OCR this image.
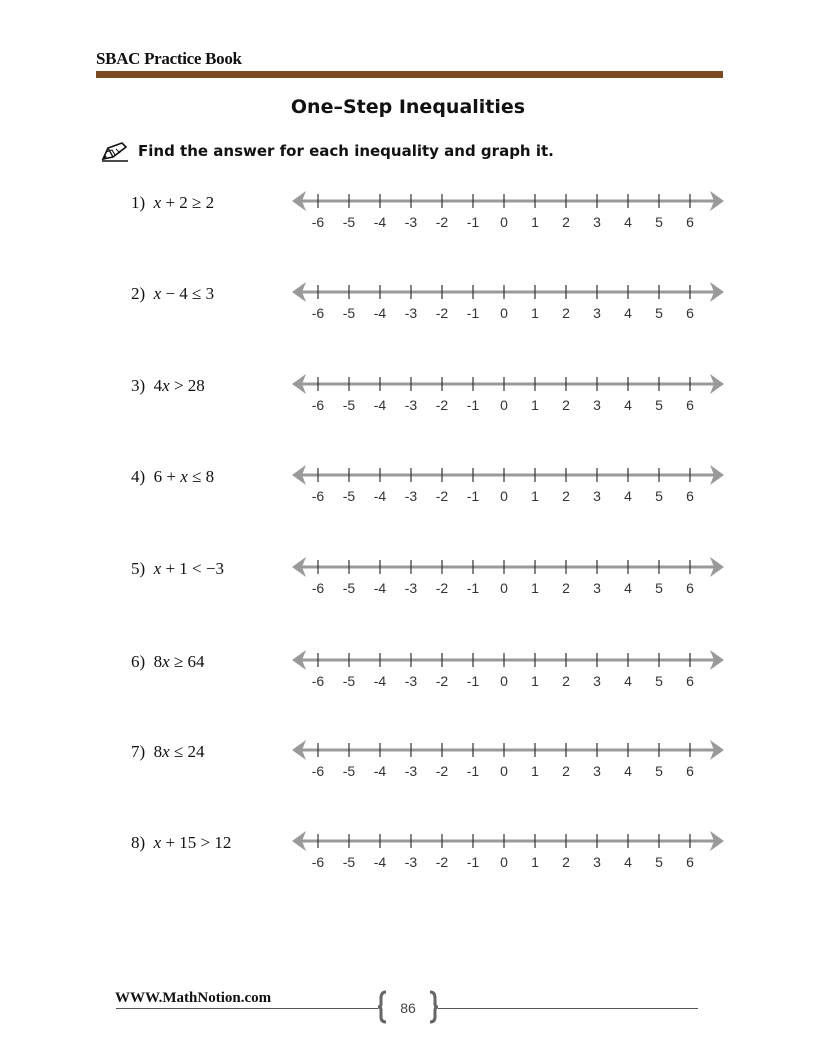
SBAC Practice Book
One–Step Inequalities
Find the answer for each inequality and graph it.
1) x + 2 ≥ 2
-6 -5 -4 -3 -2 -1 0 1 2 3 4 5 6
2) x − 4 ≤ 3
-6 -5 -4 -3 -2 -1 0 1 2 3 4 5 6
3) 4x > 28
-6 -5 -4 -3 -2 -1 0 1 2 3 4 5 6
4) 6 + x ≤ 8
-6 -5 -4 -3 -2 -1 0 1 2 3 4 5 6
5) x + 1 < −3
-6 -5 -4 -3 -2 -1 0 1 2 3 4 5 6
6) 8x ≥ 64
-6 -5 -4 -3 -2 -1 0 1 2 3 4 5 6
7) 8x ≤ 24
-6 -5 -4 -3 -2 -1 0 1 2 3 4 5 6
8) x + 15 > 12
-6 -5 -4 -3 -2 -1 0 1 2 3 4 5 6
WWW.MathNotion.com
86
